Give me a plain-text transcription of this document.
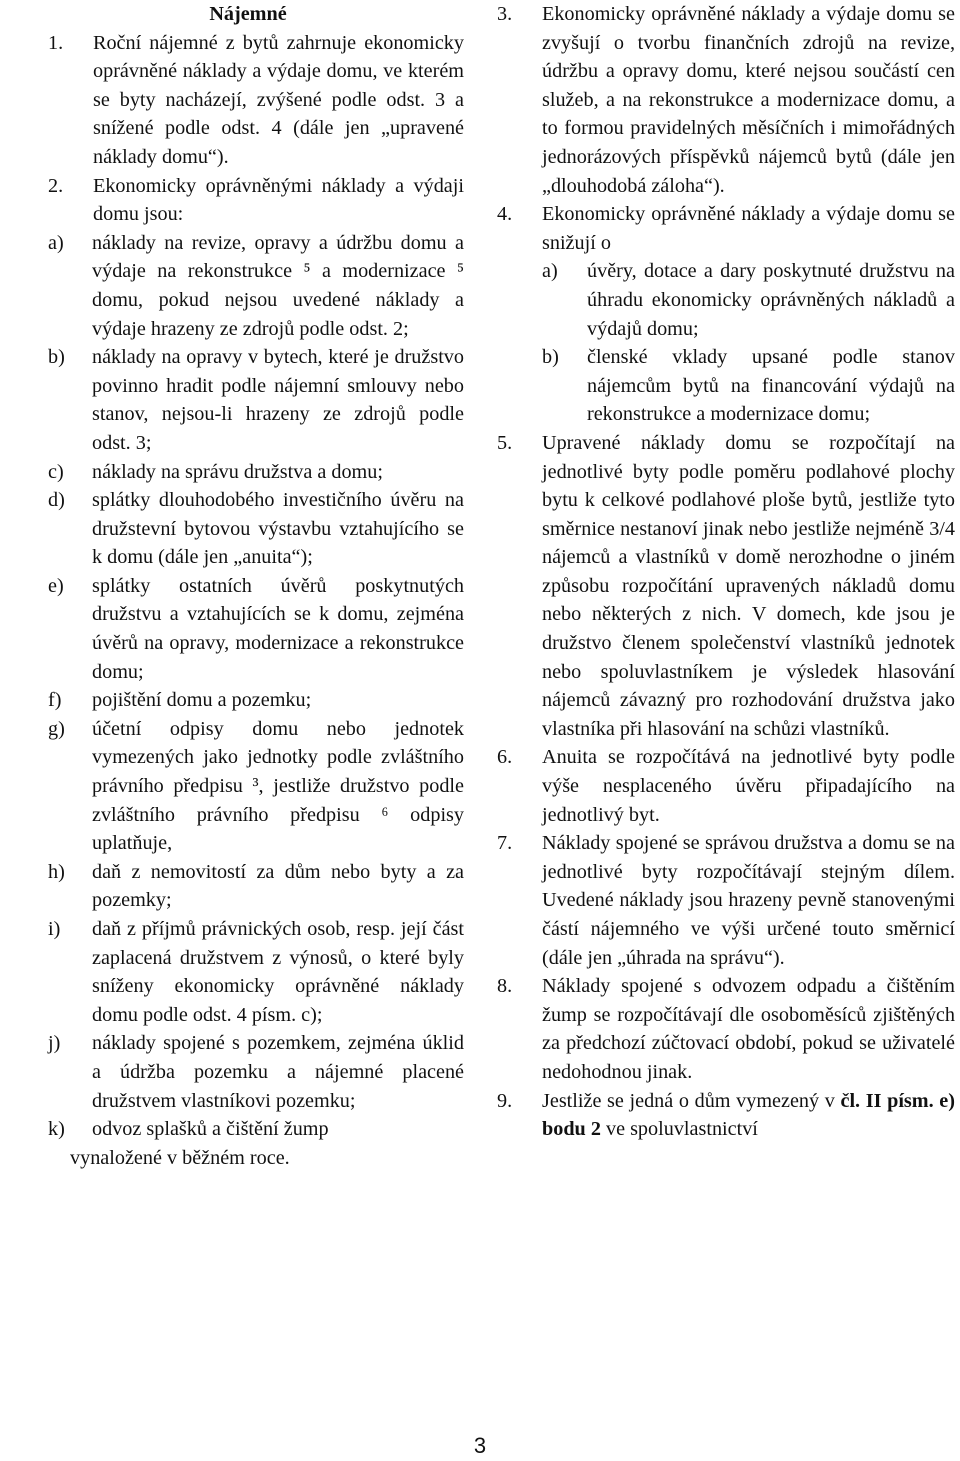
Nájemné
1.	Roční nájemné z bytů zahrnuje ekonomicky oprávněné náklady a výdaje domu, ve kterém se byty nacházejí, zvýšené podle odst. 3 a snížené podle odst. 4 (dále jen „upravené náklady domu“).
2.	Ekonomicky oprávněnými náklady a výdaji domu jsou:
a)	náklady na revize, opravy a údržbu domu a výdaje na rekonstrukce ⁵ a modernizace ⁵ domu, pokud nejsou uvedené náklady a výdaje hrazeny ze zdrojů podle odst. 2;
b)	náklady na opravy v bytech, které je družstvo povinno hradit podle nájemní smlouvy nebo stanov, nejsou-li hrazeny ze zdrojů podle odst. 3;
c)	náklady na správu družstva a domu;
d)	splátky dlouhodobého investičního úvěru na družstevní bytovou výstavbu vztahujícího se k domu (dále jen „anuita“);
e)	splátky ostatních úvěrů poskytnutých družstvu a vztahujících se k domu, zejména úvěrů na opravy, modernizace a rekonstrukce domu;
f)	pojištění domu a pozemku;
g)	účetní odpisy domu nebo jednotek vymezených jako jednotky podle zvláštního právního předpisu ³, jestliže družstvo podle zvláštního právního předpisu ⁶ odpisy uplatňuje,
h)	daň z nemovitostí za dům nebo byty a za pozemky;
i)	daň z příjmů právnických osob, resp. její část zaplacená družstvem z výnosů, o které byly sníženy ekonomicky oprávněné náklady domu podle odst. 4 písm. c);
j)	náklady spojené s pozemkem, zejména úklid a údržba pozemku a nájemné placené družstvem vlastníkovi pozemku;
k)	odvoz splašků a čištění žump
vynaložené v běžném roce.
3.	Ekonomicky oprávněné náklady a výdaje domu se zvyšují o tvorbu finančních zdrojů na revize, údržbu a opravy domu, které nejsou součástí cen služeb, a na rekonstrukce a modernizace domu, a to formou pravidelných měsíčních i mimořádných jednorázových příspěvků nájemců bytů (dále jen „dlouhodobá záloha“).
4.	Ekonomicky oprávněné náklady a výdaje domu se snižují o
a)	úvěry, dotace a dary poskytnuté družstvu na úhradu ekonomicky oprávněných nákladů a výdajů domu;
b)	členské vklady upsané podle stanov nájemcům bytů na financování výdajů na rekonstrukce a modernizace domu;
5.	Upravené náklady domu se rozpočítají na jednotlivé byty podle poměru podlahové plochy bytu k celkové podlahové ploše bytů, jestliže tyto směrnice nestanoví jinak nebo jestliže nejméně 3/4 nájemců a vlastníků v domě nerozhodne o jiném způsobu rozpočítání upravených nákladů domu nebo některých z nich. V domech, kde jsou je družstvo členem společenství vlastníků jednotek nebo spoluvlastníkem je výsledek hlasování nájemců závazný pro rozhodování družstva jako vlastníka při hlasování na schůzi vlastníků.
6.	Anuita se rozpočítává na jednotlivé byty podle výše nesplaceného úvěru připadajícího na jednotlivý byt.
7.	Náklady spojené se správou družstva a domu se na jednotlivé byty rozpočítávají stejným dílem. Uvedené náklady jsou hrazeny pevně stanovenými částí nájemného ve výši určené touto směrnicí (dále jen „úhrada na správu“).
8.	Náklady spojené s odvozem odpadu a čištěním žump se rozpočítávají dle osoboměsíců zjištěných za předchozí zúčtovací období, pokud se uživatelé nedohodnou jinak.
9.	Jestliže se jedná o dům vymezený v čl. II písm. e) bodu 2 ve spoluvlastnictví
3
